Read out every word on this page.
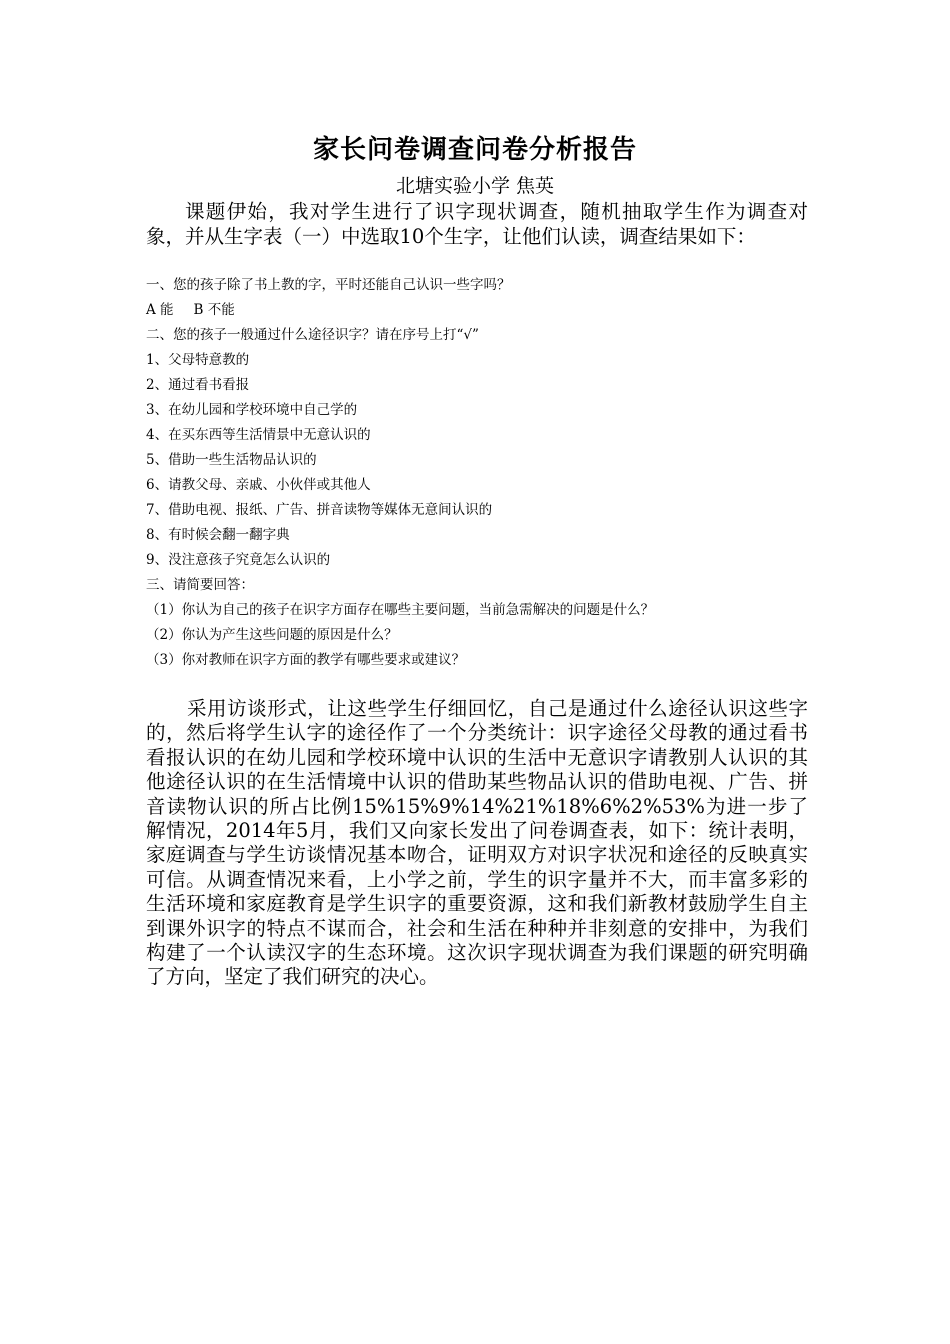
家长问卷调查问卷分析报告
北塘实验小学 焦英

课题伊始，我对学生进行了识字现状调查，随机抽取学生作为调查对象，并从生字表（一）中选取10个生字，让他们认读，调查结果如下：

一、您的孩子除了书上教的字，平时还能自己认识一些字吗？
A 能 B 不能
二、您的孩子一般通过什么途径识字？请在序号上打“√”
1、父母特意教的
2、通过看书看报
3、在幼儿园和学校环境中自己学的
4、在买东西等生活情景中无意认识的
5、借助一些生活物品认识的
6、请教父母、亲戚、小伙伴或其他人
7、借助电视、报纸、广告、拼音读物等媒体无意间认识的
8、有时候会翻一翻字典
9、没注意孩子究竟怎么认识的
三、请简要回答：
（1）你认为自己的孩子在识字方面存在哪些主要问题，当前急需解决的问题是什么？
（2）你认为产生这些问题的原因是什么？
（3）你对教师在识字方面的教学有哪些要求或建议？

采用访谈形式，让这些学生仔细回忆，自己是通过什么途径认识这些字的，然后将学生认字的途径作了一个分类统计：识字途径父母教的通过看书看报认识的在幼儿园和学校环境中认识的生活中无意识字请教别人认识的其他途径认识的在生活情境中认识的借助某些物品认识的借助电视、广告、拼音读物认识的所占比例15%15%9%14%21%18%6%2%53%为进一步了解情况，2014年5月，我们又向家长发出了问卷调查表，如下：统计表明，家庭调查与学生访谈情况基本吻合，证明双方对识字状况和途径的反映真实可信。从调查情况来看，上小学之前，学生的识字量并不大，而丰富多彩的生活环境和家庭教育是学生识字的重要资源，这和我们新教材鼓励学生自主到课外识字的特点不谋而合，社会和生活在种种并非刻意的安排中，为我们构建了一个认读汉字的生态环境。这次识字现状调查为我们课题的研究明确了方向，坚定了我们研究的决心。
